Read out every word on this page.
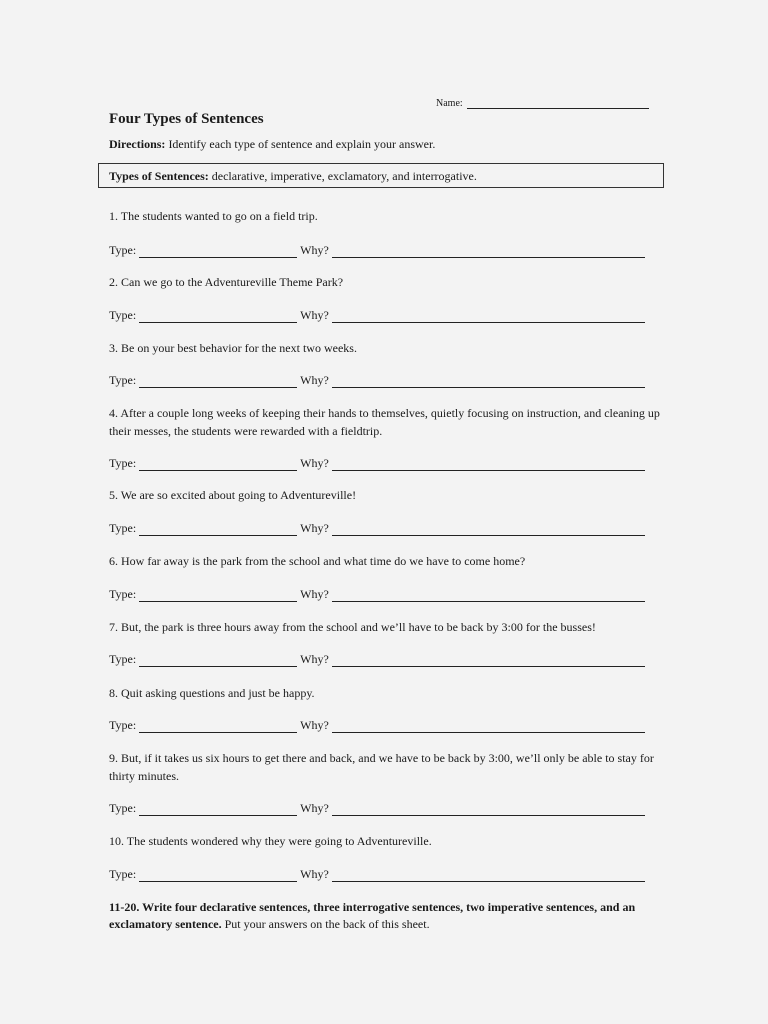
Name:
Four Types of Sentences
Directions: Identify each type of sentence and explain your answer.
Types of Sentences: declarative, imperative, exclamatory, and interrogative.
1. The students wanted to go on a field trip.
Type:	Why?
2. Can we go to the Adventureville Theme Park?
Type:	Why?
3. Be on your best behavior for the next two weeks.
Type:	Why?
4. After a couple long weeks of keeping their hands to themselves, quietly focusing on instruction, and cleaning up their messes, the students were rewarded with a fieldtrip.
Type:	Why?
5. We are so excited about going to Adventureville!
Type:	Why?
6. How far away is the park from the school and what time do we have to come home?
Type:	Why?
7. But, the park is three hours away from the school and we’ll have to be back by 3:00 for the busses!
Type:	Why?
8. Quit asking questions and just be happy.
Type:	Why?
9. But, if it takes us six hours to get there and back, and we have to be back by 3:00, we’ll only be able to stay for thirty minutes.
Type:	Why?
10. The students wondered why they were going to Adventureville.
Type:	Why?
11-20. Write four declarative sentences, three interrogative sentences, two imperative sentences, and an exclamatory sentence. Put your answers on the back of this sheet.
